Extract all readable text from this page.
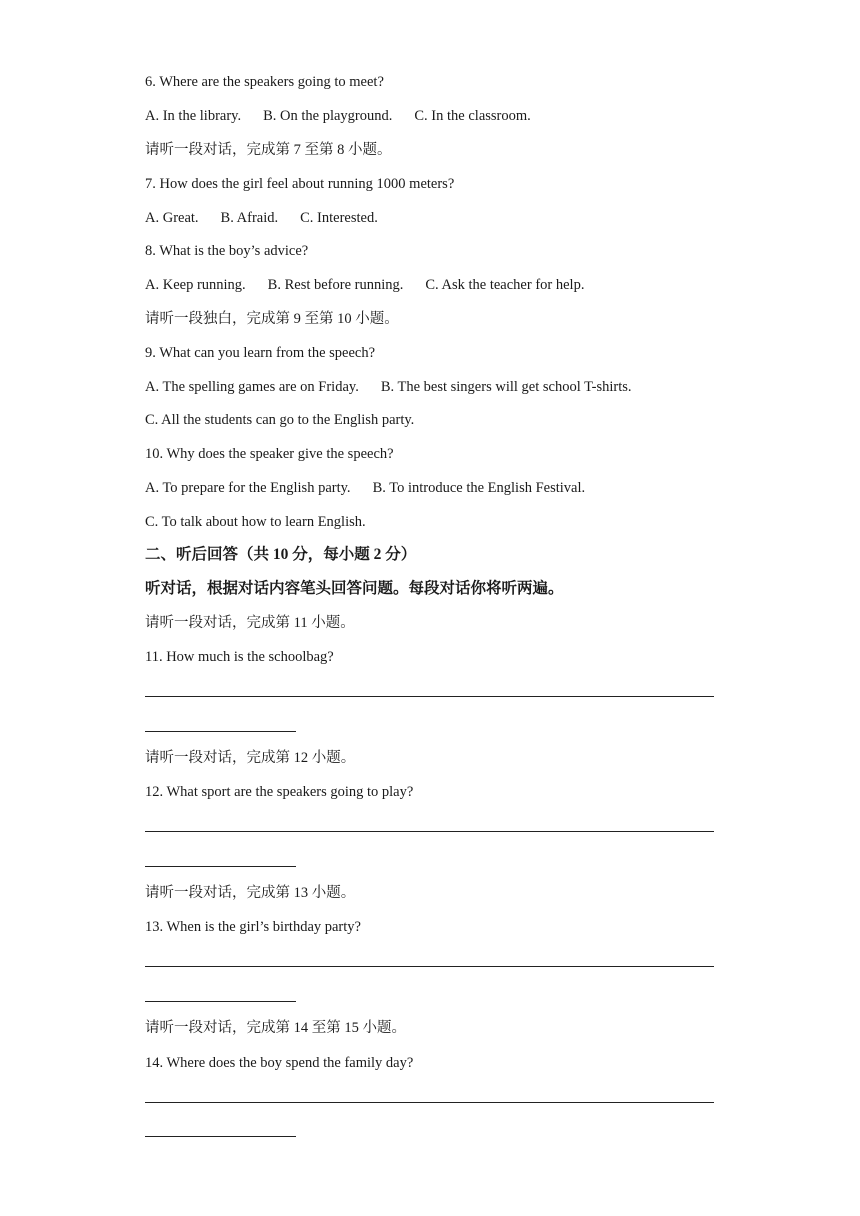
6. Where are the speakers going to meet?
A. In the library. B. On the playground. C. In the classroom.
请听一段对话，完成第 7 至第 8 小题。
7. How does the girl feel about running 1000 meters?
A. Great. B. Afraid. C. Interested.
8. What is the boy’s advice?
A. Keep running. B. Rest before running. C. Ask the teacher for help.
请听一段独白，完成第 9 至第 10 小题。
9. What can you learn from the speech?
A. The spelling games are on Friday. B. The best singers will get school T-shirts.
C. All the students can go to the English party.
10. Why does the speaker give the speech?
A. To prepare for the English party. B. To introduce the English Festival.
C. To talk about how to learn English.
二、听后回答（共 10 分，每小题 2 分）
听对话，根据对话内容笔头回答问题。每段对话你将听两遍。
请听一段对话，完成第 11 小题。
11. How much is the schoolbag?
请听一段对话，完成第 12 小题。
12. What sport are the speakers going to play?
请听一段对话，完成第 13 小题。
13. When is the girl’s birthday party?
请听一段对话，完成第 14 至第 15 小题。
14. Where does the boy spend the family day?
